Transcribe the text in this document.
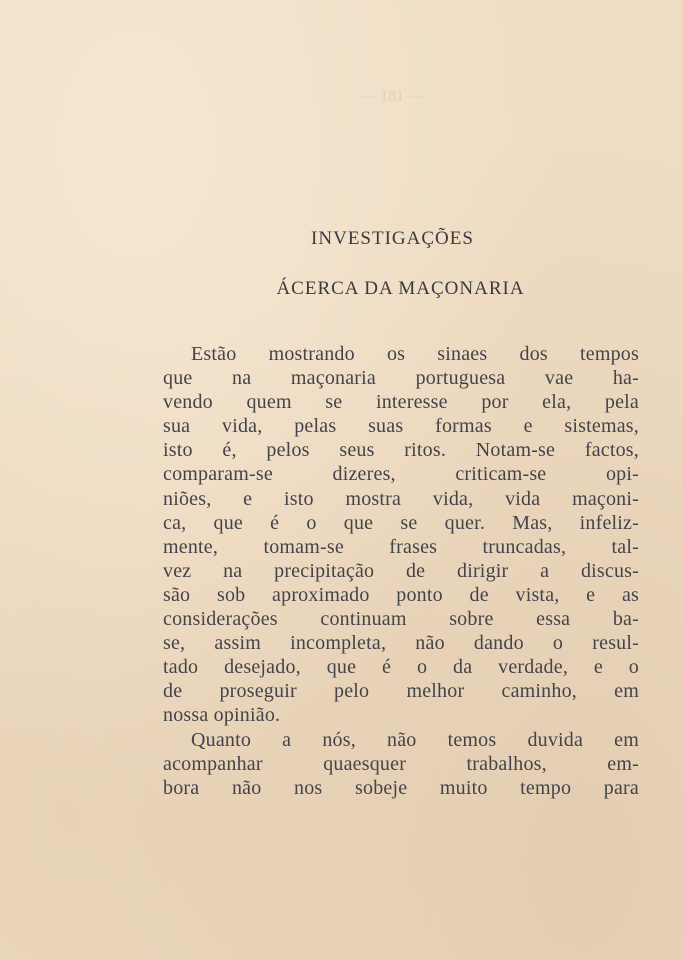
— 181 —
INVESTIGAÇÕES
ÁCERCA DA MAÇONARIA
Estão mostrando os sinaes dos tempos
que na maçonaria portuguesa vae ha-
vendo quem se interesse por ela, pela
sua vida, pelas suas formas e sistemas,
isto é, pelos seus ritos. Notam-se factos,
comparam-se dizeres, criticam-se opi-
niões, e isto mostra vida, vida maçoni-
ca, que é o que se quer. Mas, infeliz-
mente, tomam-se frases truncadas, tal-
vez na precipitação de dirigir a discus-
são sob aproximado ponto de vista, e as
considerações continuam sobre essa ba-
se, assim incompleta, não dando o resul-
tado desejado, que é o da verdade, e o
de proseguir pelo melhor caminho, em
nossa opinião.
Quanto a nós, não temos duvida em
acompanhar quaesquer trabalhos, em-
bora não nos sobeje muito tempo para
